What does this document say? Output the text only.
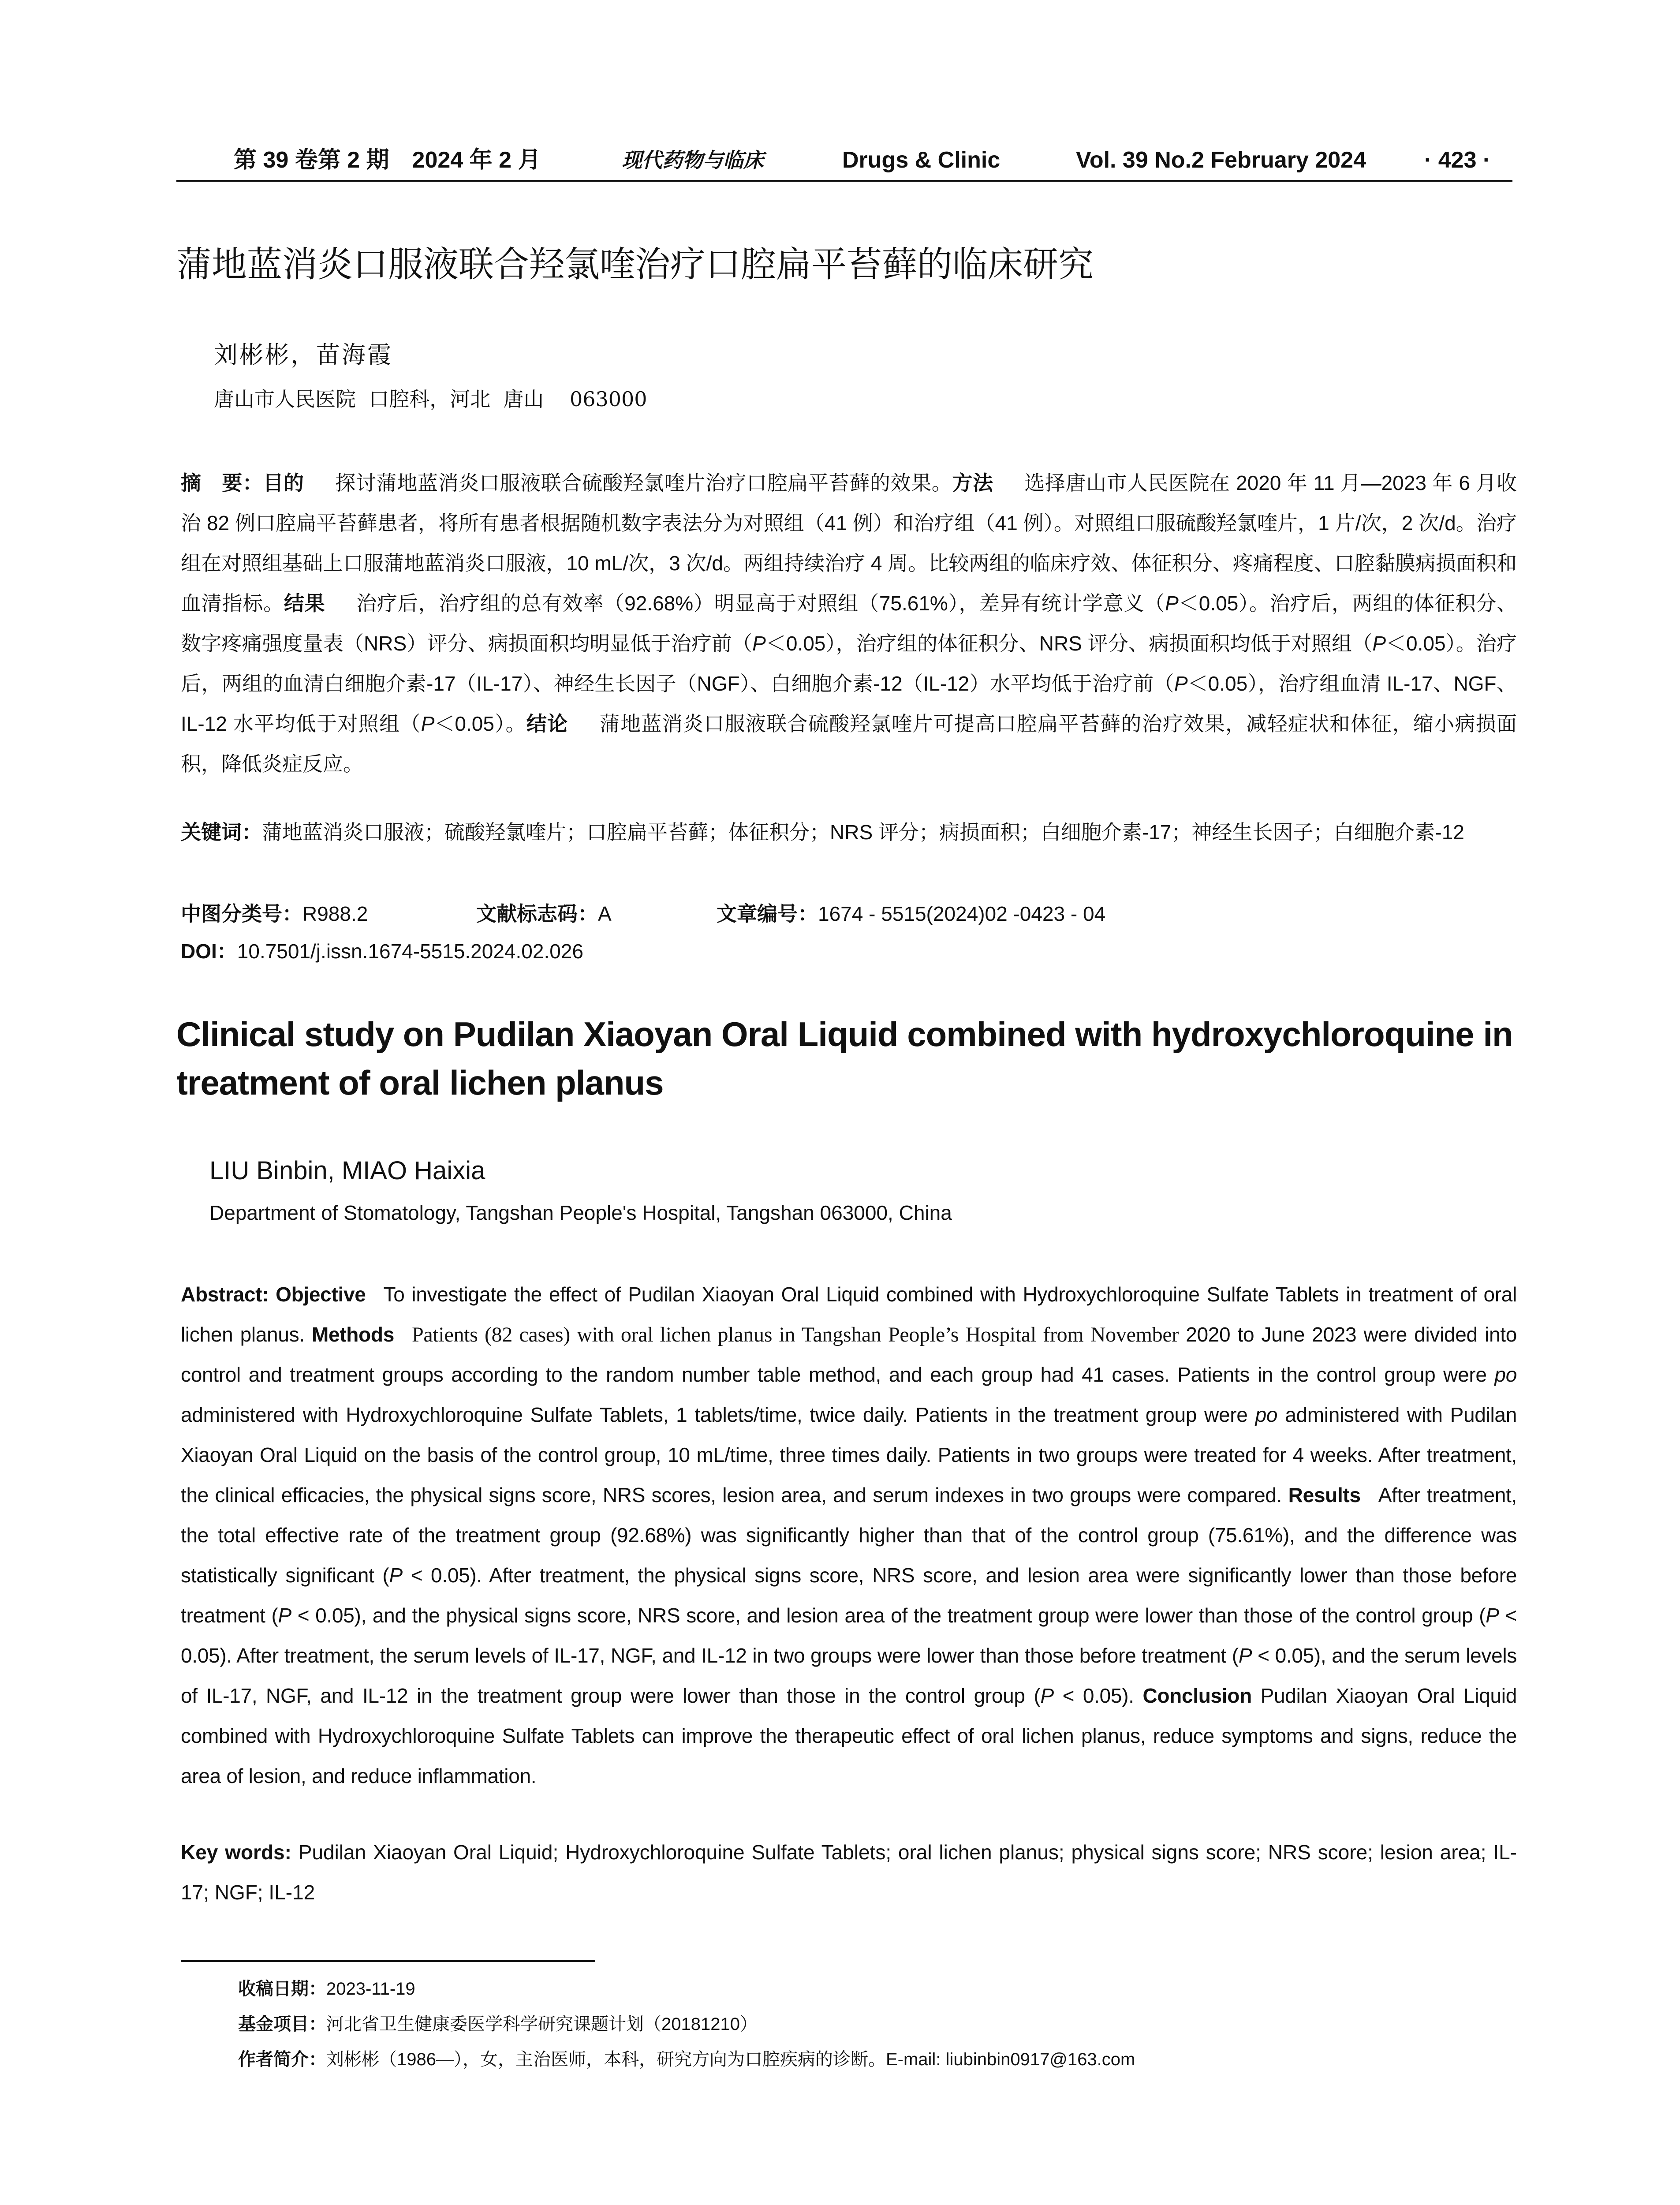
第 39 卷第 2 期　2024 年 2 月	现代药物与临床	Drugs & Clinic	Vol. 39 No.2 February 2024	· 423 ·
蒲地蓝消炎口服液联合羟氯喹治疗口腔扁平苔藓的临床研究
刘彬彬，苗海霞
唐山市人民医院  口腔科，河北  唐山    063000
摘　要：目的 探讨蒲地蓝消炎口服液联合硫酸羟氯喹片治疗口腔扁平苔藓的效果。方法 选择唐山市人民医院在 2020 年 11 月—2023 年 6 月收治 82 例口腔扁平苔藓患者，将所有患者根据随机数字表法分为对照组（41 例）和治疗组（41 例）。对照组口服硫酸羟氯喹片，1 片/次，2 次/d。治疗组在对照组基础上口服蒲地蓝消炎口服液，10 mL/次，3 次/d。两组持续治疗 4 周。比较两组的临床疗效、体征积分、疼痛程度、口腔黏膜病损面积和血清指标。结果 治疗后，治疗组的总有效率（92.68%）明显高于对照组（75.61%），差异有统计学意义（P＜0.05）。治疗后，两组的体征积分、数字疼痛强度量表（NRS）评分、病损面积均明显低于治疗前（P＜0.05），治疗组的体征积分、NRS 评分、病损面积均低于对照组（P＜0.05）。治疗后，两组的血清白细胞介素-17（IL-17）、神经生长因子（NGF）、白细胞介素-12（IL-12）水平均低于治疗前（P＜0.05），治疗组血清 IL-17、NGF、IL-12 水平均低于对照组（P＜0.05）。结论 蒲地蓝消炎口服液联合硫酸羟氯喹片可提高口腔扁平苔藓的治疗效果，减轻症状和体征，缩小病损面积，降低炎症反应。
关键词：蒲地蓝消炎口服液；硫酸羟氯喹片；口腔扁平苔藓；体征积分；NRS 评分；病损面积；白细胞介素-17；神经生长因子；白细胞介素-12
中图分类号： R988.2	文献标志码： A	文章编号： 1674 - 5515(2024)02 -0423 - 04
DOI：10.7501/j.issn.1674-5515.2024.02.026
Clinical study on Pudilan Xiaoyan Oral Liquid combined with hydroxychloroquine in treatment of oral lichen planus
LIU Binbin, MIAO Haixia
Department of Stomatology, Tangshan People's Hospital, Tangshan 063000, China
Abstract: Objective To investigate the effect of Pudilan Xiaoyan Oral Liquid combined with Hydroxychloroquine Sulfate Tablets in treatment of oral lichen planus. Methods Patients (82 cases) with oral lichen planus in Tangshan People’s Hospital from November 2020 to June 2023 were divided into control and treatment groups according to the random number table method, and each group had 41 cases. Patients in the control group were po administered with Hydroxychloroquine Sulfate Tablets, 1 tablets/time, twice daily. Patients in the treatment group were po administered with Pudilan Xiaoyan Oral Liquid on the basis of the control group, 10 mL/time, three times daily. Patients in two groups were treated for 4 weeks. After treatment, the clinical efficacies, the physical signs score, NRS scores, lesion area, and serum indexes in two groups were compared. Results After treatment, the total effective rate of the treatment group (92.68%) was significantly higher than that of the control group (75.61%), and the difference was statistically significant (P < 0.05). After treatment, the physical signs score, NRS score, and lesion area were significantly lower than those before treatment (P < 0.05), and the physical signs score, NRS score, and lesion area of the treatment group were lower than those of the control group (P < 0.05). After treatment, the serum levels of IL-17, NGF, and IL-12 in two groups were lower than those before treatment (P < 0.05), and the serum levels of IL-17, NGF, and IL-12 in the treatment group were lower than those in the control group (P < 0.05). Conclusion Pudilan Xiaoyan Oral Liquid combined with Hydroxychloroquine Sulfate Tablets can improve the therapeutic effect of oral lichen planus, reduce symptoms and signs, reduce the area of lesion, and reduce inflammation.
Key words: Pudilan Xiaoyan Oral Liquid; Hydroxychloroquine Sulfate Tablets; oral lichen planus; physical signs score; NRS score; lesion area; IL-17; NGF; IL-12
收稿日期：2023-11-19
基金项目：河北省卫生健康委医学科学研究课题计划（20181210）
作者简介：刘彬彬（1986—），女，主治医师，本科，研究方向为口腔疾病的诊断。E-mail: liubinbin0917@163.com
